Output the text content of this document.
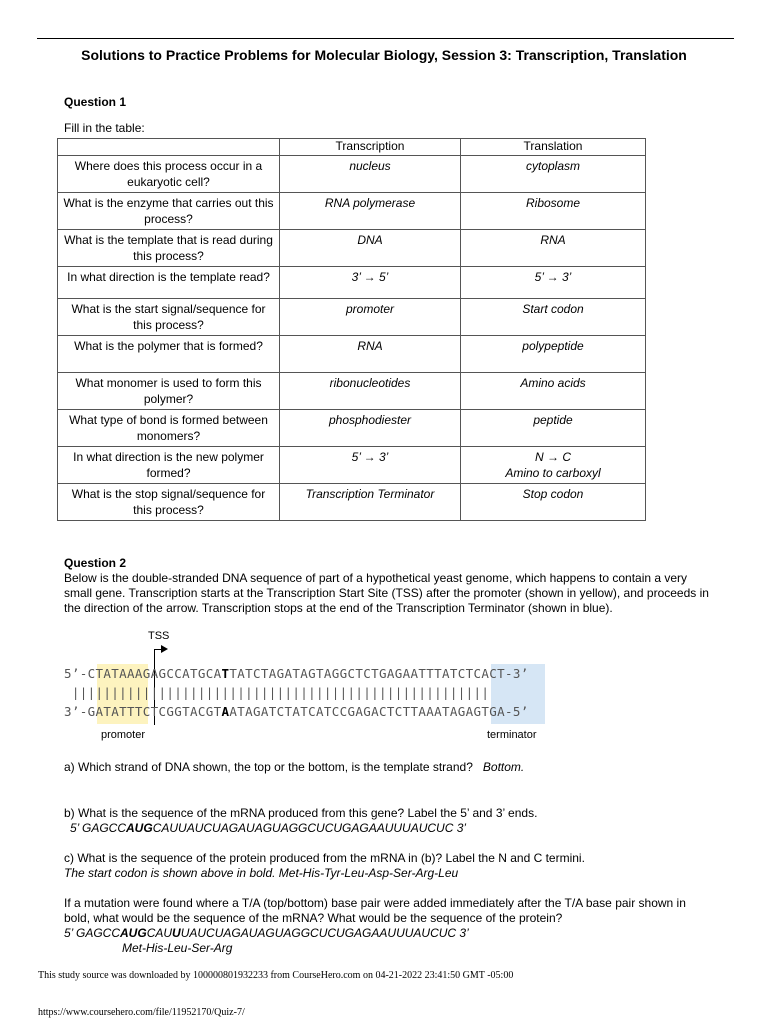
Solutions to Practice Problems for Molecular Biology, Session 3: Transcription, Translation
Question 1
Fill in the table:
	Transcription	Translation
Where does this process occur in a eukaryotic cell?	nucleus	cytoplasm
What is the enzyme that carries out this process?	RNA polymerase	Ribosome
What is the template that is read during this process?	DNA	RNA
In what direction is the template read?	3’ → 5’	5’ → 3’
What is the start signal/sequence for this process?	promoter	Start codon
What is the polymer that is formed?	RNA	polypeptide
What monomer is used to form this polymer?	ribonucleotides	Amino acids
What type of bond is formed between monomers?	phosphodiester	peptide
In what direction is the new polymer formed?	5’ → 3’	N → C
Amino to carboxyl
What is the stop signal/sequence for this process?	Transcription Terminator	Stop codon
Question 2
Below is the double-stranded DNA sequence of part of a hypothetical yeast genome, which happens to contain a very small gene. Transcription starts at the Transcription Start Site (TSS) after the promoter (shown in yellow), and proceeds in the direction of the arrow. Transcription stops at the end of the Transcription Terminator (shown in blue).
TSS
5’-CTATAAAGAGCCATGCATTATCTAGATAGTAGGCTCTGAGAATTTATCTCACT-3’
|||||||||||||||||||||||||||||||||||||||||||||||||||||
3’-GATATTTCTCGGTACGTAATAGATCTATCATCCGAGACTCTTAAATAGAGTGA-5’
promoter	terminator
a) Which strand of DNA shown, the top or the bottom, is the template strand? Bottom.
b) What is the sequence of the mRNA produced from this gene? Label the 5’ and 3’ ends.
5’ GAGCCAUGCAUUAUCUAGAUAGUAGGCUCUGAGAAUUUAUCUC 3’
c) What is the sequence of the protein produced from the mRNA in (b)? Label the N and C termini.
The start codon is shown above in bold. Met-His-Tyr-Leu-Asp-Ser-Arg-Leu
If a mutation were found where a T/A (top/bottom) base pair were added immediately after the T/A base pair shown in bold, what would be the sequence of the mRNA? What would be the sequence of the protein?
5’ GAGCCAUGCAUUUAUCUAGAUAGUAGGCUCUGAGAAUUUAUCUC 3’
Met-His-Leu-Ser-Arg
This study source was downloaded by 100000801932233 from CourseHero.com on 04-21-2022 23:41:50 GMT -05:00
https://www.coursehero.com/file/11952170/Quiz-7/
